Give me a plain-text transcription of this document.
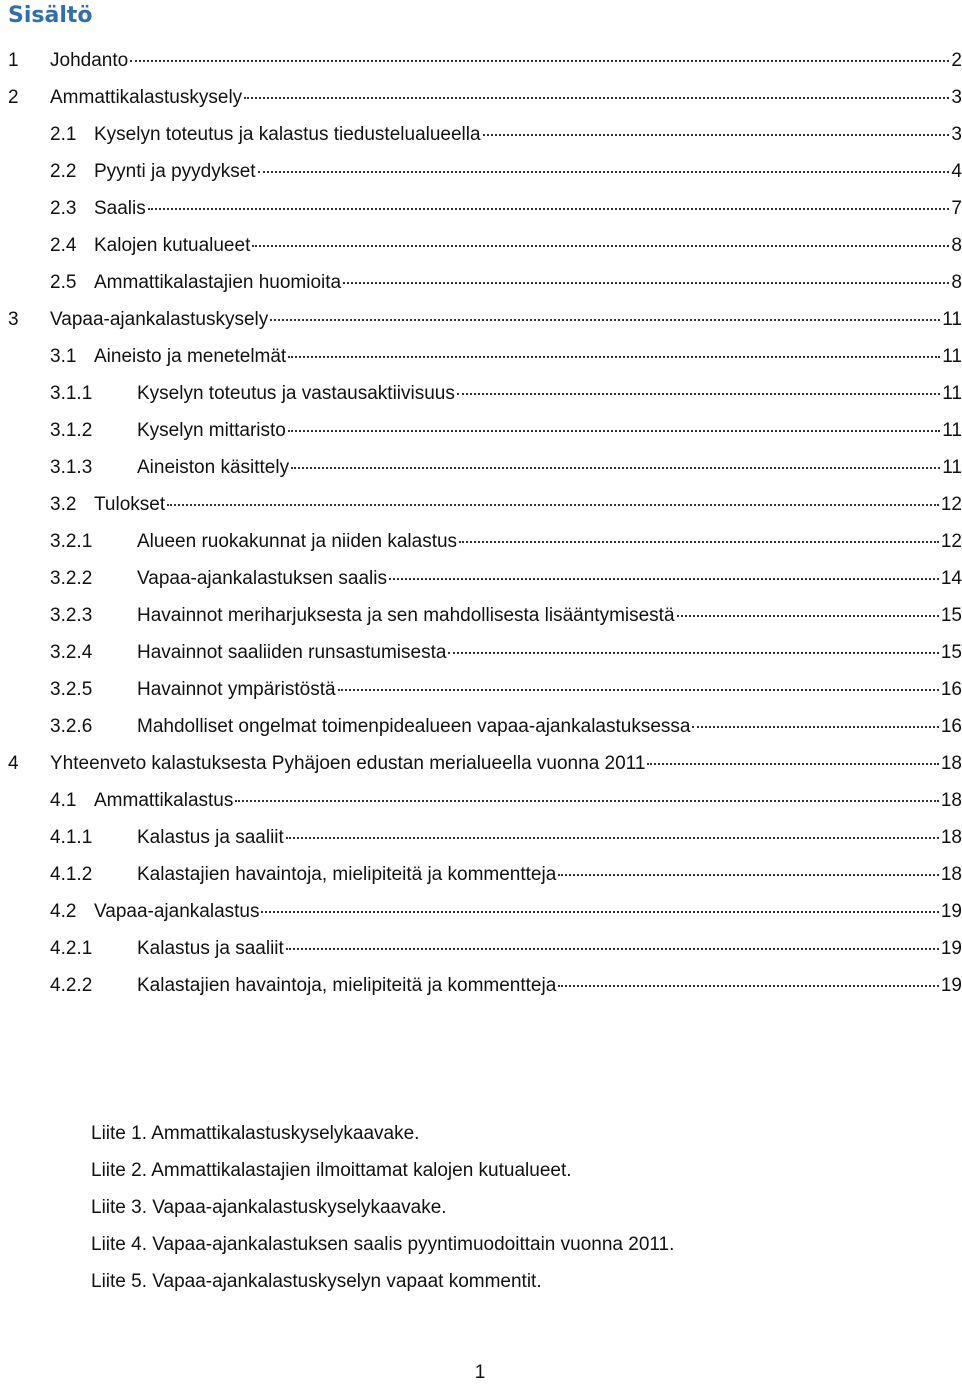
Sisältö
1	Johdanto	2
2	Ammattikalastuskysely	3
2.1 Kyselyn toteutus ja kalastus tiedustelualueella	3
2.2 Pyynti ja pyydykset	4
2.3 Saalis	7
2.4 Kalojen kutualueet	8
2.5 Ammattikalastajien huomioita	8
3	Vapaa-ajankalastuskysely	11
3.1 Aineisto ja menetelmät	11
3.1.1	Kyselyn toteutus ja vastausaktiivisuus	11
3.1.2	Kyselyn mittaristo	11
3.1.3	Aineiston käsittely	11
3.2 Tulokset	12
3.2.1	Alueen ruokakunnat ja niiden kalastus	12
3.2.2	Vapaa-ajankalastuksen saalis	14
3.2.3	Havainnot meriharjuksesta ja sen mahdollisesta lisääntymisestä	15
3.2.4	Havainnot saaliiden runsastumisesta	15
3.2.5	Havainnot ympäristöstä	16
3.2.6	Mahdolliset ongelmat toimenpidealueen vapaa-ajankalastuksessa	16
4	Yhteenveto kalastuksesta Pyhäjoen edustan merialueella vuonna 2011	18
4.1 Ammattikalastus	18
4.1.1	Kalastus ja saaliit	18
4.1.2	Kalastajien havaintoja, mielipiteitä ja kommentteja	18
4.2 Vapaa-ajankalastus	19
4.2.1	Kalastus ja saaliit	19
4.2.2	Kalastajien havaintoja, mielipiteitä ja kommentteja	19
Liite 1. Ammattikalastuskyselykaavake.
Liite 2. Ammattikalastajien ilmoittamat kalojen kutualueet.
Liite 3. Vapaa-ajankalastuskyselykaavake.
Liite 4. Vapaa-ajankalastuksen saalis pyyntimuodoittain vuonna 2011.
Liite 5. Vapaa-ajankalastuskyselyn vapaat kommentit.
1
